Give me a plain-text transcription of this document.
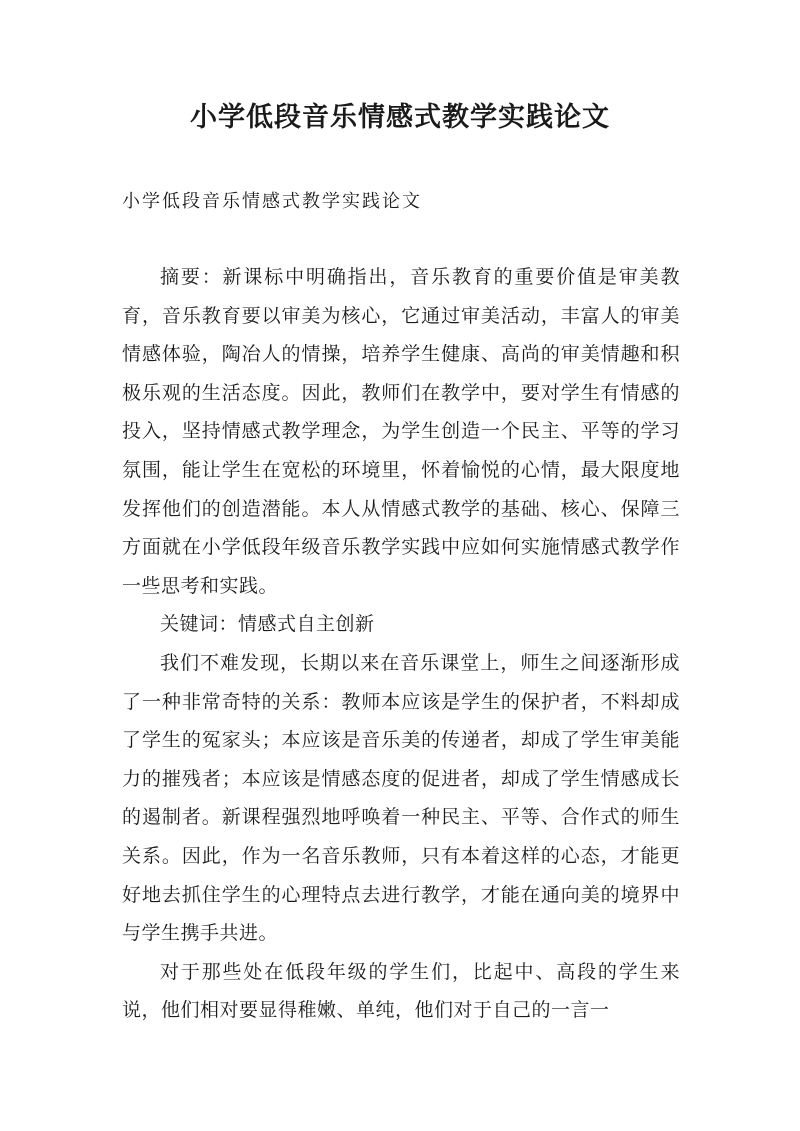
小学低段音乐情感式教学实践论文

小学低段音乐情感式教学实践论文

摘要：新课标中明确指出，音乐教育的重要价值是审美教育，音乐教育要以审美为核心，它通过审美活动，丰富人的审美情感体验，陶冶人的情操，培养学生健康、高尚的审美情趣和积极乐观的生活态度。因此，教师们在教学中，要对学生有情感的投入，坚持情感式教学理念，为学生创造一个民主、平等的学习氛围，能让学生在宽松的环境里，怀着愉悦的心情，最大限度地发挥他们的创造潜能。本人从情感式教学的基础、核心、保障三方面就在小学低段年级音乐教学实践中应如何实施情感式教学作一些思考和实践。

关键词：情感式自主创新

我们不难发现，长期以来在音乐课堂上，师生之间逐渐形成了一种非常奇特的关系：教师本应该是学生的保护者，不料却成了学生的冤家头；本应该是音乐美的传递者，却成了学生审美能力的摧残者；本应该是情感态度的促进者，却成了学生情感成长的遏制者。新课程强烈地呼唤着一种民主、平等、合作式的师生关系。因此，作为一名音乐教师，只有本着这样的心态，才能更好地去抓住学生的心理特点去进行教学，才能在通向美的境界中与学生携手共进。

对于那些处在低段年级的学生们，比起中、高段的学生来说，他们相对要显得稚嫩、单纯，他们对于自己的一言一
